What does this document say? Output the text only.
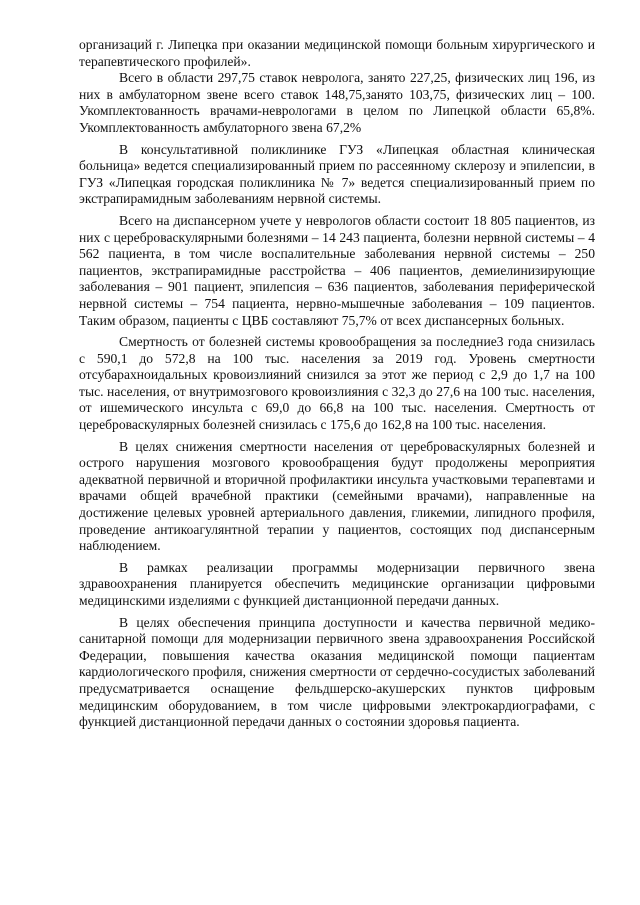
организаций г. Липецка при оказании медицинской помощи больным хирургического и терапевтического профилей».

Всего в области 297,75 ставок невролога, занято 227,25, физических лиц 196, из них в амбулаторном звене всего ставок 148,75,занято 103,75, физических лиц – 100. Укомплектованность врачами-неврологами в целом по Липецкой области 65,8%. Укомплектованность амбулаторного звена 67,2%

В консультативной поликлинике ГУЗ «Липецкая областная клиническая больница» ведется специализированный прием по рассеянному склерозу и эпилепсии, в ГУЗ «Липецкая городская поликлиника № 7» ведется специализированный прием по экстрапирамидным заболеваниям нервной системы.

Всего на диспансерном учете у неврологов области состоит 18 805 пациентов, из них с цереброваскулярными болезнями – 14 243 пациента, болезни нервной системы – 4 562 пациента, в том числе воспалительные заболевания нервной системы – 250 пациентов, экстрапирамидные расстройства – 406 пациентов, демиелинизирующие заболевания – 901 пациент, эпилепсия – 636 пациентов, заболевания периферической нервной системы – 754 пациента, нервно-мышечные заболевания – 109 пациентов. Таким образом, пациенты с ЦВБ составляют 75,7% от всех диспансерных больных.

Смертность от болезней системы кровообращения за последние3 года снизилась с 590,1 до 572,8 на 100 тыс. населения за 2019 год. Уровень смертности отсубарахноидальных кровоизлияний снизился за этот же период с 2,9 до 1,7 на 100 тыс. населения, от внутримозгового кровоизлияния с 32,3 до 27,6 на 100 тыс. населения, от ишемического инсульта с 69,0 до 66,8 на 100 тыс. населения. Смертность от цереброваскулярных болезней снизилась с 175,6 до 162,8 на 100 тыс. населения.

В целях снижения смертности населения от цереброваскулярных болезней и острого нарушения мозгового кровообращения будут продолжены мероприятия адекватной первичной и вторичной профилактики инсульта участковыми терапевтами и врачами общей врачебной практики (семейными врачами), направленные на достижение целевых уровней артериального давления, гликемии, липидного профиля, проведение антикоагулянтной терапии у пациентов, состоящих под диспансерным наблюдением.

В рамках реализации программы модернизации первичного звена здравоохранения планируется обеспечить медицинские организации цифровыми медицинскими изделиями с функцией дистанционной передачи данных.

В целях обеспечения принципа доступности и качества первичной медико-санитарной помощи для модернизации первичного звена здравоохранения Российской Федерации, повышения качества оказания медицинской помощи пациентам кардиологического профиля, снижения смертности от сердечно-сосудистых заболеваний предусматривается оснащение фельдшерско-акушерских пунктов цифровым медицинским оборудованием, в том числе цифровыми электрокардиографами, с функцией дистанционной передачи данных о состоянии здоровья пациента.
